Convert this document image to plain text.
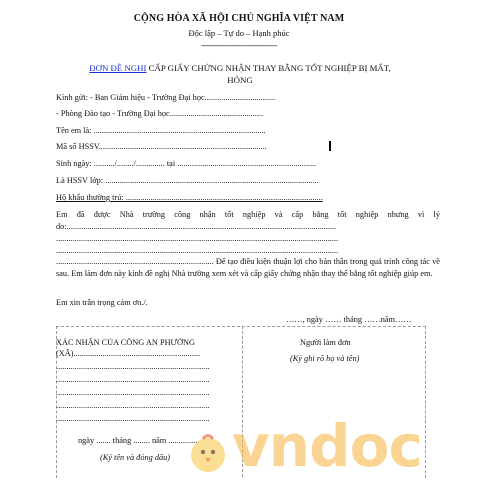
CỘNG HÒA XÃ HỘI CHỦ NGHĨA VIỆT NAM
Độc lập – Tự do – Hạnh phúc
-----------------------------------
ĐƠN ĐỀ NGHỊ CẤP GIẤY CHỨNG NHẬN THAY BẰNG TỐT NGHIỆP BỊ MẤT,
HỎNG
Kính gửi: - Ban Giám hiệu - Trường Đại học..................................
- Phòng Đào tạo - Trường Đại học.............................................
Tên em là: ...................................................................................
Mã số HSSV.................................................................................
Sinh ngày: ........../......../.............. tại ...................................................................
Là HSSV lớp: .......................................................................................................
Hộ khẩu thường trú: ...............................................................................................
Em đã được Nhà trường công nhận tốt nghiệp và cấp bằng tốt nghiệp nhưng vì lý do:..................................................................................................................................
........................................................................................................................................
........................................................................................................................................
............................................................................ Để tạo điều kiện thuận lợi cho bản thân trong quá trình công tác về sau. Em làm đơn này kính đề nghị Nhà trường xem xét và cấp giấy chứng nhận thay thế bằng tốt nghiệp giúp em.
Em xin trân trọng cảm ơn./.
……, ngày …… tháng ……năm……
XÁC NHẬN CỦA CÔNG AN PHƯỜNG
(XÃ).............................................................
..........................................................................
..........................................................................
..........................................................................
..........................................................................
..........................................................................
ngày ....... tháng ........ năm ..............
(Ký tên và đóng dấu)
Người làm đơn
(Ký ghi rõ họ và tên)
vndoc
